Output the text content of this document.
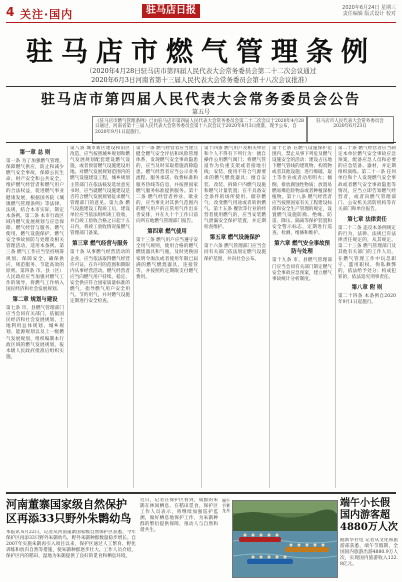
4 关注·国内	驻马店日报	2020年6月24日 星期三
责任编辑 版式设计 校对
驻马店市燃气管理条例
（2020年4月28日驻马店市第四届人民代表大会常务委员会第二十二次会议通过
2020年6月3日河南省第十三届人民代表大会常务委员会第十八次会议批准）
驻马店市第四届人民代表大会常务委员会公告
第五号
《驻马店市燃气管理条例》已由驻马店市第四届人民代表大会常务委员会第二十二次会议于2020年4月28日通过，河南省第十三届人民代表大会常务委员会第十八次会议于2020年6月3日批准，现予公布，自2020年9月1日起施行。
驻马店市人民代表大会常务委员会
2020年6月23日
第一章 总 则
第一条 为了加强燃气管理，保障燃气供应，防止和减少燃气安全事故，保障公民生命、财产安全和公共安全，维护燃气经营者和燃气用户的合法权益，促进燃气事业健康发展，根据国务院《城镇燃气管理条例》等法律、法规，结合本市实际，制定本条例。第二条 本市行政区域内燃气发展规划与应急保障、燃气经营与服务、燃气使用、燃气设施保护、燃气安全事故预防与处理及相关管理活动，适用本条例。第三条 燃气工作应当坚持统筹规划、保障安全、确保供应、规范服务、节能高效的原则。第四条 市、县（区）人民政府应当加强对燃气工作的领导，将燃气工作纳入国民经济和社会发展规划。
第二章 规划与建设
第七条 市、县燃气管理部门应当会同有关部门，依据国民经济和社会发展规划、土地利用总体规划、城乡规划、能源规划以及上一级燃气发展规划，组织编制本行政区域的燃气发展规划，报本级人民政府批准后组织实施。
第八条 城市新区建设和旧区改造，应当按照城乡规划和燃气发展规划配套建设燃气设施，或者预留燃气设施建设用地。对燃气发展规划范围内的燃气设施建设工程，城乡规划主管部门在依法核发选址意见书时，应当就燃气设施建设是否符合燃气发展规划征求燃气管理部门的意见。第九条 燃气设施建设工程竣工后，建设单位应当依法组织竣工验收，并自竣工验收合格之日起十五日内，将竣工验收情况报燃气管理部门备案。
第三章 燃气经营与服务
第十条 从事燃气经营活动的企业，应当依法取得燃气经营许可证，在许可的范围和期限内从事经营活动。燃气经营者应当向燃气用户持续、稳定、安全供应符合国家质量标准的燃气，指导燃气用户安全用气、节约用气，并对燃气设施定期进行安全检查。
第十一条 燃气经营者应当建立健全燃气安全评估和风险管理体系，发现燃气安全事故隐患的，应当及时采取措施消除隐患。燃气经营者应当公示业务流程、服务承诺、收费标准和服务热线等信息，并按照国家燃气服务标准提供服务。第十二条 燃气经营者停业、歇业的，应当事先对其供气范围内的燃气用户的正常用气作出妥善安排，并在九十个工作日前向所在地燃气管理部门报告。
第四章 燃气使用
第十三条 燃气用户应当遵守安全用气规则，使用合格的燃气燃烧器具和气瓶，及时更换国家明令淘汰或者使用年限已届满的燃气燃烧器具、连接管等，并按照约定期限支付燃气费用。
第十四条 燃气用户及相关单位和个人不得有下列行为：擅自操作公用燃气阀门；将燃气管道作为负重支架或者接地引线；安装、使用不符合气源要求的燃气燃烧器具；擅自安装、改装、拆除户内燃气设施和燃气计量装置；在不具备安全条件的场所使用、储存燃气；改变燃气用途或者转供燃气。第十五条 餐饮等行业的经营者使用燃气的，应当安装燃气泄漏安全保护装置，并定期检查维护。
第五章 燃气设施保护
第十六条 燃气管理部门应当会同有关部门依法划定燃气设施保护范围，并向社会公布。
第十七条 在燃气设施保护范围内，禁止从事下列危及燃气设施安全的活动：建设占压地下燃气管线的建筑物、构筑物或者其他设施；进行爆破、取土等作业或者动用明火；倾倒、排放腐蚀性物质；放置易燃易爆危险物品或者种植深根植物。第十八条 燃气经营者应当按照国家有关工程建设标准和安全生产管理的规定，设置燃气设施防腐、绝缘、防雷、降压、隔离等保护装置和安全警示标志，定期进行巡查、检测、维修和维护。
第六章 燃气安全事故预防与处理
第十九条 市、县燃气管理部门应当会同有关部门制定燃气安全事故应急预案，建立燃气事故统计分析制度。
第二十条 燃气经营者应当制定本单位燃气安全事故应急预案，配备应急人员和必要的应急装备、器材，并定期组织演练。第二十一条 任何单位和个人发现燃气安全事故或者燃气安全事故隐患等情况，应当立即告知燃气经营者，或者向燃气管理部门、公安机关消防机构等有关部门和单位报告。
第七章 法律责任
第二十二条 违反本条例规定的行为，法律、法规已有法律责任规定的，从其规定。第二十三条 燃气管理部门及其他有关部门的工作人员，在燃气管理工作中玩忽职守、滥用职权、徇私舞弊的，依法给予处分；构成犯罪的，依法追究刑事责任。
第八章 附 则
第二十四条 本条例自2020年9月1日起施行。
河南董寨国家级自然保护区再添33只野外朱鹮幼鸟
本报讯 6月22日，记者从河南董寨国家级自然保护区获悉，今年保护区再添33只野外朱鹮幼鸟，野外朱鹮种群数量稳步增长。自2007年实施朱鹮再引入项目以来，保护区通过人工繁育、野化训练和放归自然等措施，使朱鹮种群逐步壮大。工作人员介绍，保护区内的稻田、湿地为朱鹮提供了良好的觅食和栖息环境。
近日，记者在保护区看到，成群的朱鹮在林间栖息、在稻田觅食。保护区工作人员表示，将继续加强巡护监测，做好栖息地保护工作，为朱鹮种群的繁衍提供保障，推动人与自然和谐共生。
端午节赛龙舟
端午小长假国内游客超4880万人次
据新华社电 记者从文化和旅游部获悉，端午节假期，全国国内旅游出游4880.9万人次，实现国内旅游收入122.8亿元。
